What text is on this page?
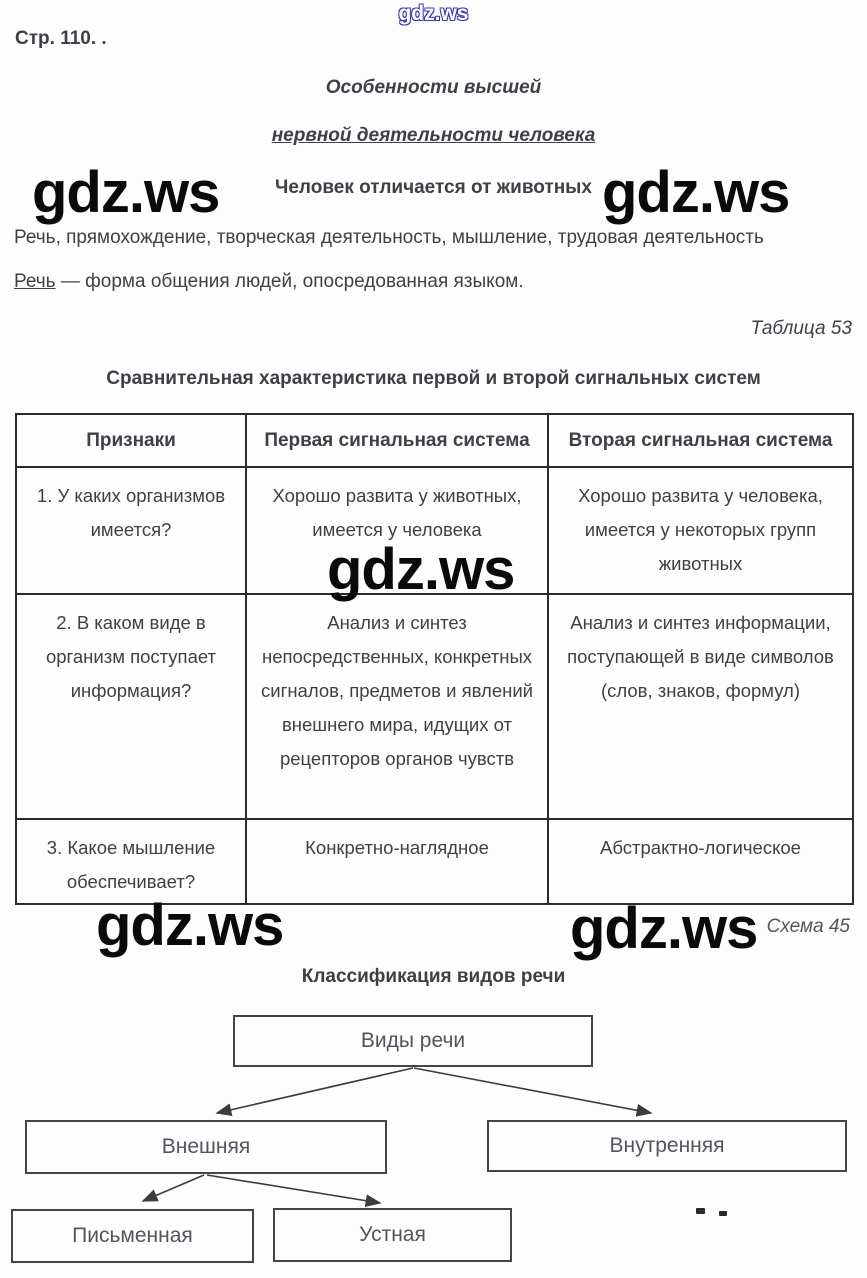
gdz.ws
gdz.ws	gdz.ws
gdz.ws
gdz.ws	gdz.ws
Стр. 110. .
Особенности высшей
нервной деятельности человека
Человек отличается от животных
Речь, прямохождение, творческая деятельность, мышление, трудовая деятельность
Речь — форма общения людей, опосредованная языком.
Таблица 53
Сравнительная характеристика первой и второй сигнальных систем
Признаки	Первая сигнальная система	Вторая сигнальная система
1. У каких организмов имеется?	Хорошо развита у животных, имеется у человека	Хорошо развита у человека, имеется у некоторых групп животных
2. В каком виде в организм поступает информация?	Анализ и синтез непосредственных, конкретных сигналов, предметов и явлений внешнего мира, идущих от рецепторов органов чувств	Анализ и синтез информации, поступающей в виде символов (слов, знаков, формул)
3. Какое мышление обеспечивает?	Конкретно-наглядное	Абстрактно-логическое
Схема 45
Классификация видов речи
Виды речи
Внешняя	Внутренняя
Письменная	Устная
